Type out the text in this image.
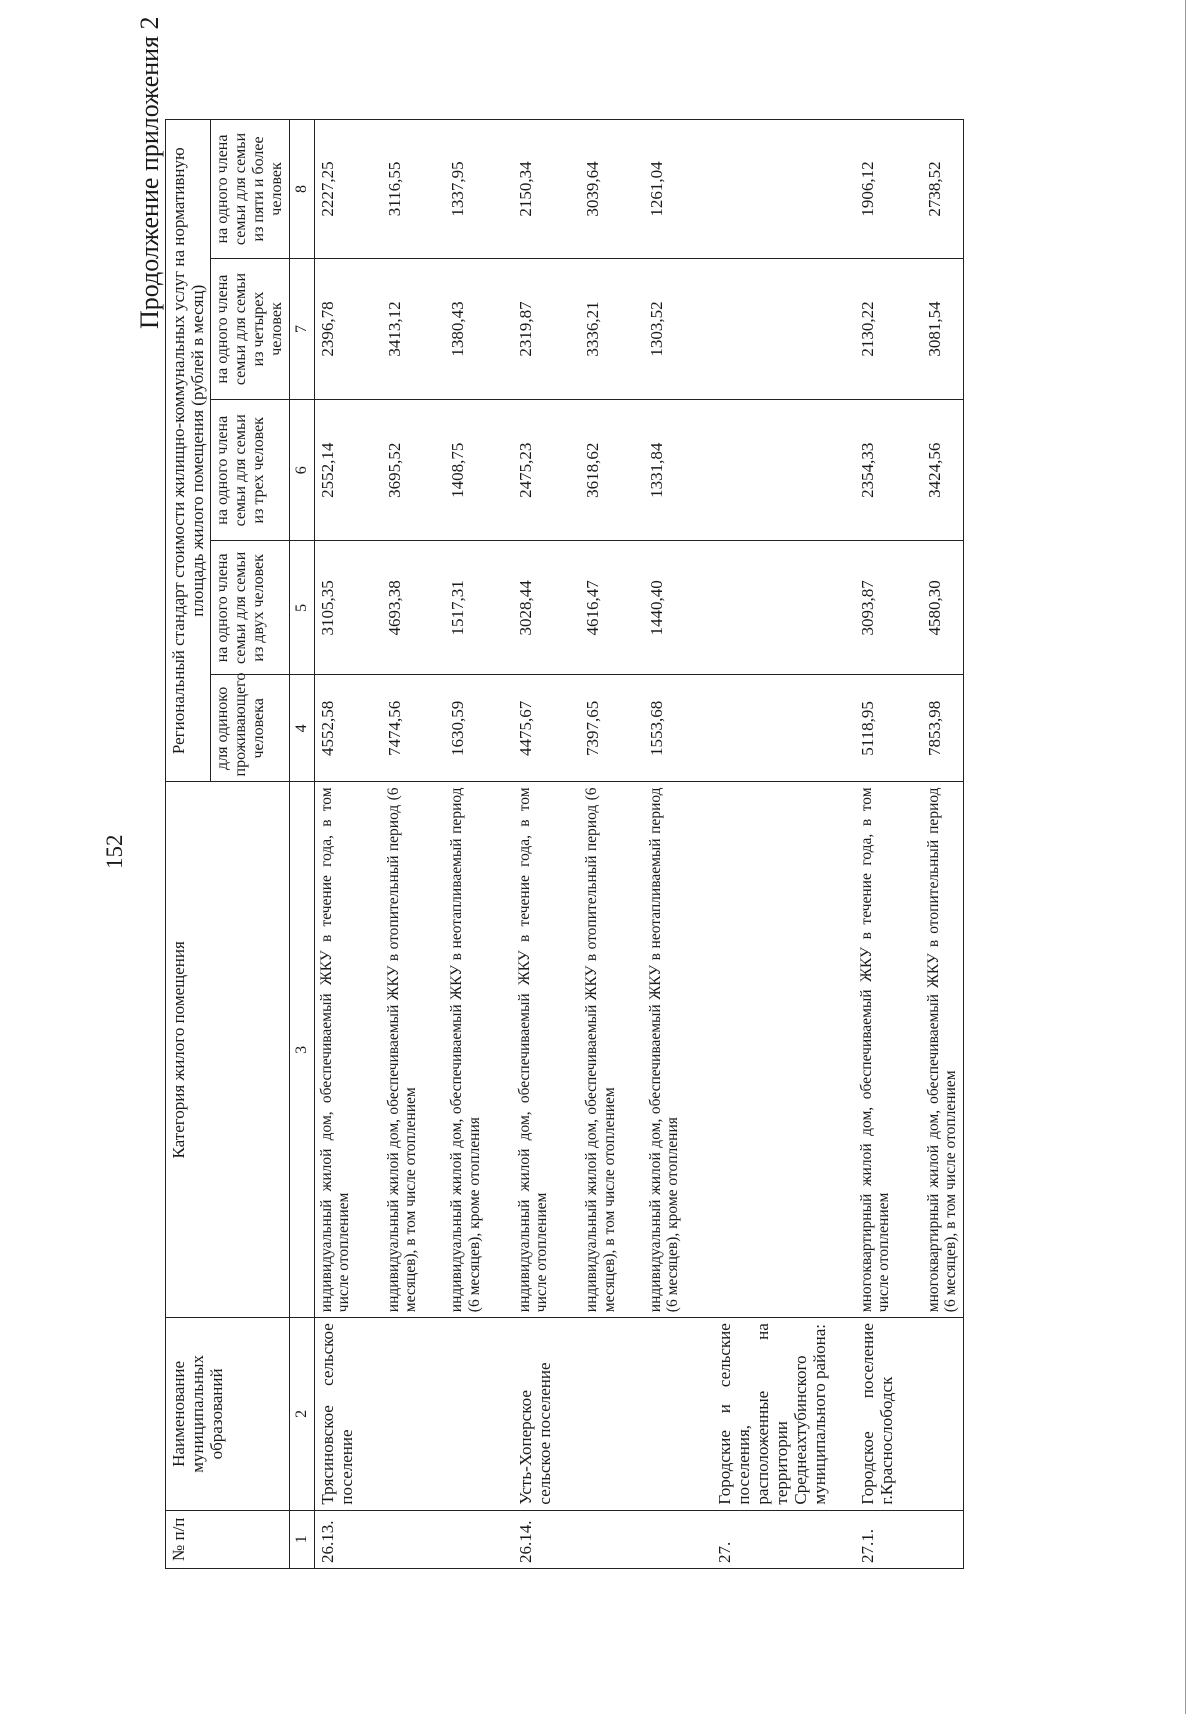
152
Продолжение приложения 2
№ п/п	Наименование муниципальных образований	Категория жилого помещения	Региональный стандарт стоимости жилищно-коммунальных услуг на нормативную площадь жилого помещения (рублей в месяц)				
			для одиноко проживающего человека	на одного члена семьи для семьи из двух человек	на одного члена семьи для семьи из трех человек	на одного члена семьи для семьи из четырех человек	на одного члена семьи для семьи из пяти и более человек
1	2	3	4	5	6	7	8
26.13.	Трясиновское сельское поселение	индивидуальный жилой дом, обеспечиваемый ЖКУ в течение года, в том числе отоплением	4552,58	3105,35	2552,14	2396,78	2227,25
		индивидуальный жилой дом, обеспечиваемый ЖКУ в отопительный период (6 месяцев), в том числе отоплением	7474,56	4693,38	3695,52	3413,12	3116,55
		индивидуальный жилой дом, обеспечиваемый ЖКУ в неотапливаемый период (6 месяцев), кроме отопления	1630,59	1517,31	1408,75	1380,43	1337,95
26.14.	Усть-Хоперское сельское поселение	индивидуальный жилой дом, обеспечиваемый ЖКУ в течение года, в том числе отоплением	4475,67	3028,44	2475,23	2319,87	2150,34
		индивидуальный жилой дом, обеспечиваемый ЖКУ в отопительный период (6 месяцев), в том числе отоплением	7397,65	4616,47	3618,62	3336,21	3039,64
		индивидуальный жилой дом, обеспечиваемый ЖКУ в неотапливаемый период (6 месяцев), кроме отопления	1553,68	1440,40	1331,84	1303,52	1261,04
27.	Городские и сельские поселения, расположенные на территории Среднеахтубинского муниципального района:						
27.1.	Городское поселение г.Краснослободск	многоквартирный жилой дом, обеспечиваемый ЖКУ в течение года, в том числе отоплением	5118,95	3093,87	2354,33	2130,22	1906,12
		многоквартирный жилой дом, обеспечиваемый ЖКУ в отопительный период (6 месяцев), в том числе отоплением	7853,98	4580,30	3424,56	3081,54	2738,52
